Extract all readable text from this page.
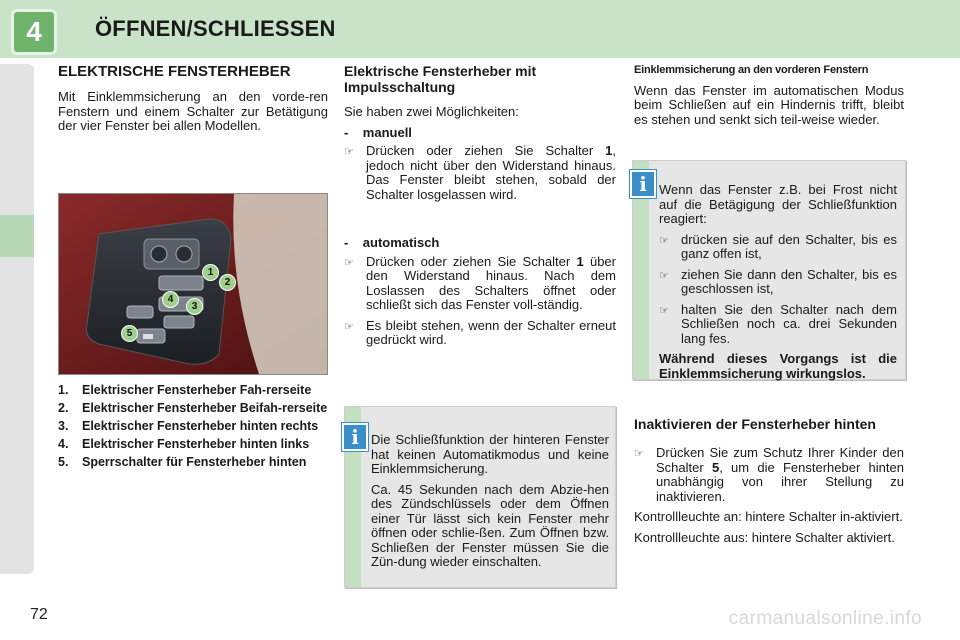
4	ÖFFNEN/SCHLIESSEN
72	carmanualsonline.info
ELEKTRISCHE FENSTERHEBER

Mit Einklemmsicherung an den vorde-ren Fenstern und einem Schalter zur Betätigung der vier Fenster bei allen Modellen.

1
2
3
4
5
1.	Elektrischer Fensterheber Fah-rerseite
2.	Elektrischer Fensterheber Beifah-rerseite
3.	Elektrischer Fensterheber hinten rechts
4.	Elektrischer Fensterheber hinten links
5.	Sperrschalter für Fensterheber hinten
Elektrische Fensterheber mit Impulsschaltung

Sie haben zwei Möglichkeiten:

- manuell
☞ Drücken oder ziehen Sie Schalter 1, jedoch nicht über den Widerstand hinaus. Das Fenster bleibt stehen, sobald der Schalter losgelassen wird.
- automatisch
☞ Drücken oder ziehen Sie Schalter 1 über den Widerstand hinaus. Nach dem Loslassen des Schalters öffnet oder schließt sich das Fenster voll-ständig.
☞ Es bleibt stehen, wenn der Schalter erneut gedrückt wird.
Einklemmsicherung an den vorderen Fenstern

Wenn das Fenster im automatischen Modus beim Schließen auf ein Hindernis trifft, bleibt es stehen und senkt sich teil-weise wieder.

Wenn das Fenster z.B. bei Frost nicht auf die Betägigung der Schließfunktion reagiert:

☞ drücken sie auf den Schalter, bis es ganz offen ist,
☞ ziehen Sie dann den Schalter, bis es geschlossen ist,
☞ halten Sie den Schalter nach dem Schließen noch ca. drei Sekunden lang fes.

Während dieses Vorgangs ist die Einklemmsicherung wirkungslos.

i

Die Schließfunktion der hinteren Fenster hat keinen Automatikmodus und keine Einklemmsicherung.

Ca. 45 Sekunden nach dem Abzie-hen des Zündschlüssels oder dem Öffnen einer Tür lässt sich kein Fenster mehr öffnen oder schlie-ßen. Zum Öffnen bzw. Schließen der Fenster müssen Sie die Zün-dung wieder einschalten.

i
Inaktivieren der Fensterheber hinten
☞ Drücken Sie zum Schutz Ihrer Kinder den Schalter 5, um die Fensterheber hinten unabhängig von ihrer Stellung zu inaktivieren.

Kontrollleuchte an: hintere Schalter in-aktiviert.

Kontrollleuchte aus: hintere Schalter aktiviert.
